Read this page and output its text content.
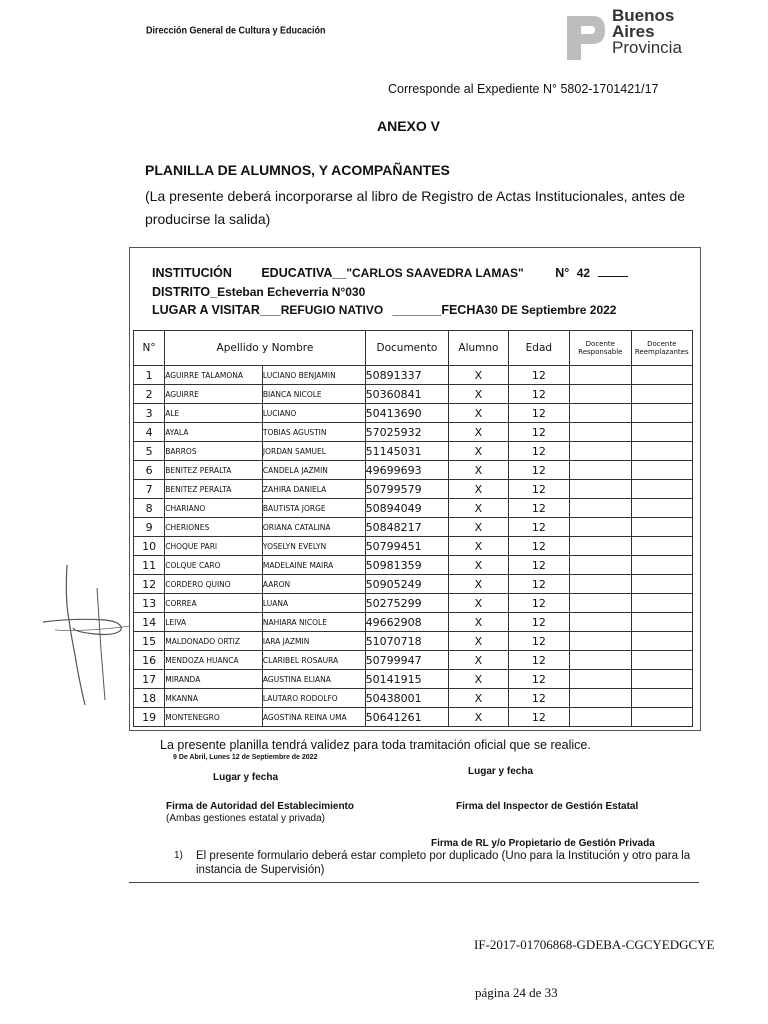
Dirección General de Cultura y Educación
Buenos
Aires
Provincia
Corresponde al Expediente N° 5802-1701421/17
ANEXO V
PLANILLA DE ALUMNOS, Y ACOMPAÑANTES
(La presente deberá incorporarse al libro de Registro de Actas Institucionales, antes de producirse la salida)
INSTITUCIÓN EDUCATIVA__"CARLOS SAAVEDRA LAMAS"	N° 42
DISTRITO_Esteban Echeverria N°030
LUGAR A VISITAR___REFUGIO NATIVO _______FECHA30 DE Septiembre 2022
N°	Apellido y Nombre		Documento	Alumno	Edad	Docente Responsable	Docente Reemplazantes
1	AGUIRRE TALAMONA	LUCIANO BENJAMIN	50891337	X	12		
2	AGUIRRE	BIANCA NICOLE	50360841	X	12		
3	ALE	LUCIANO	50413690	X	12		
4	AYALA	TOBIAS AGUSTIN	57025932	X	12		
5	BARROS	JORDAN SAMUEL	51145031	X	12		
6	BENITEZ PERALTA	CANDELA JAZMIN	49699693	X	12		
7	BENITEZ PERALTA	ZAHIRA DANIELA	50799579	X	12		
8	CHARIANO	BAUTISTA JORGE	50894049	X	12		
9	CHERIONES	ORIANA CATALINA	50848217	X	12		
10	CHOQUE PARI	YOSELYN EVELYN	50799451	X	12		
11	COLQUE CARO	MADELAINE MAIRA	50981359	X	12		
12	CORDERO QUINO	AARON	50905249	X	12		
13	CORREA	LUANA	50275299	X	12		
14	LEIVA	NAHIARA NICOLE	49662908	X	12		
15	MALDONADO ORTIZ	IARA JAZMIN	51070718	X	12		
16	MENDOZA HUANCA	CLARIBEL ROSAURA	50799947	X	12		
17	MIRANDA	AGUSTINA ELIANA	50141915	X	12		
18	MKANNA	LAUTARO RODOLFO	50438001	X	12		
19	MONTENEGRO	AGOSTINA REINA UMA	50641261	X	12		
La presente planilla tendrá validez para toda tramitación oficial que se realice.
9 De Abril, Lunes 12 de Septiembre de 2022
Lugar y fecha
Lugar y fecha
Firma de Autoridad del Establecimiento
(Ambas gestiones estatal y privada)
Firma del Inspector de Gestión Estatal
Firma de RL y/o Propietario de Gestión Privada
1) El presente formulario deberá estar completo por duplicado (Uno para la Institución y otro para la instancia de Supervisión)
IF-2017-01706868-GDEBA-CGCYEDGCYE
página 24 de 33
